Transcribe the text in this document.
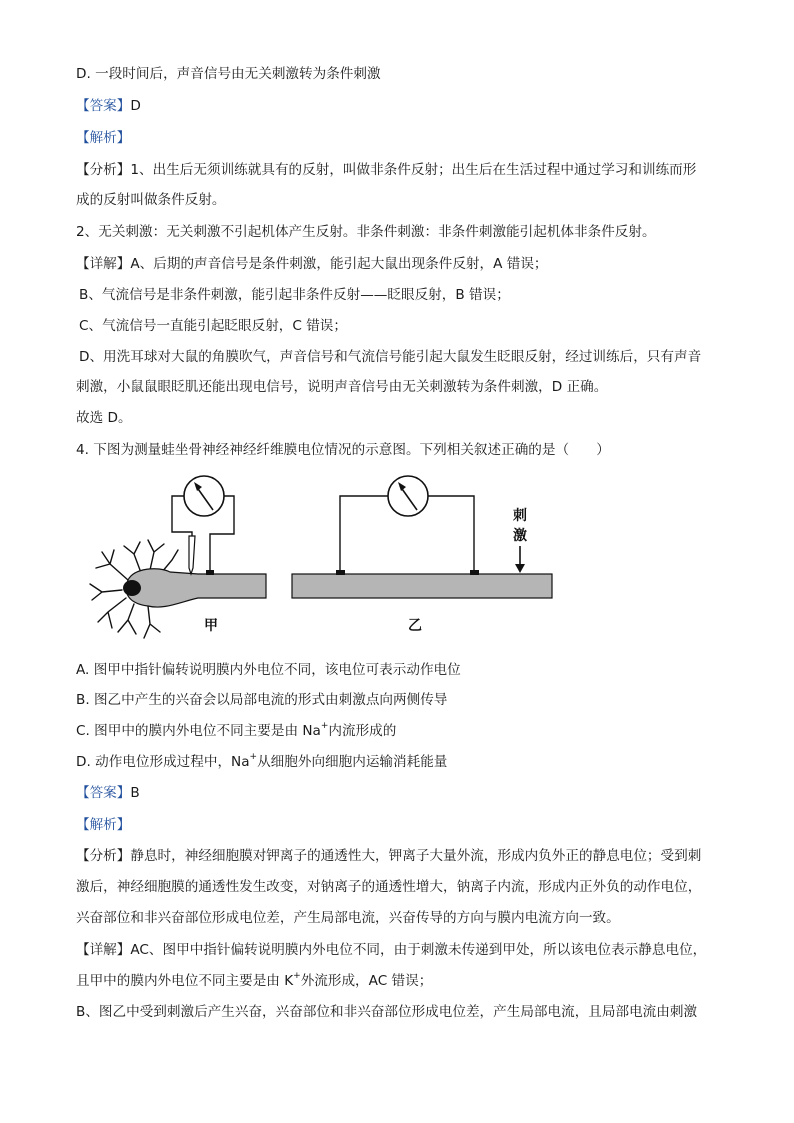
D. 一段时间后，声音信号由无关刺激转为条件刺激
【答案】D
【解析】
【分析】1、出生后无须训练就具有的反射，叫做非条件反射；出生后在生活过程中通过学习和训练而形
成的反射叫做条件反射。
2、无关刺激：无关刺激不引起机体产生反射。非条件刺激：非条件刺激能引起机体非条件反射。
【详解】A、后期的声音信号是条件刺激，能引起大鼠出现条件反射，A 错误；
B、气流信号是非条件刺激，能引起非条件反射——眨眼反射，B 错误；
C、气流信号一直能引起眨眼反射，C 错误；
D、用洗耳球对大鼠的角膜吹气，声音信号和气流信号能引起大鼠发生眨眼反射，经过训练后，只有声音
刺激，小鼠鼠眼眨肌还能出现电信号，说明声音信号由无关刺激转为条件刺激，D 正确。
故选 D。
4. 下图为测量蛙坐骨神经神经纤维膜电位情况的示意图。下列相关叙述正确的是（　　）
甲
刺
激
乙
A. 图甲中指针偏转说明膜内外电位不同，该电位可表示动作电位
B. 图乙中产生的兴奋会以局部电流的形式由刺激点向两侧传导
C. 图甲中的膜内外电位不同主要是由 Na+内流形成的
D. 动作电位形成过程中，Na+从细胞外向细胞内运输消耗能量
【答案】B
【解析】
【分析】静息时，神经细胞膜对钾离子的通透性大，钾离子大量外流，形成内负外正的静息电位；受到刺
激后，神经细胞膜的通透性发生改变，对钠离子的通透性增大，钠离子内流，形成内正外负的动作电位，
兴奋部位和非兴奋部位形成电位差，产生局部电流，兴奋传导的方向与膜内电流方向一致。
【详解】AC、图甲中指针偏转说明膜内外电位不同，由于刺激未传递到甲处，所以该电位表示静息电位，
且甲中的膜内外电位不同主要是由 K+外流形成，AC 错误；
B、图乙中受到刺激后产生兴奋，兴奋部位和非兴奋部位形成电位差，产生局部电流，且局部电流由刺激
